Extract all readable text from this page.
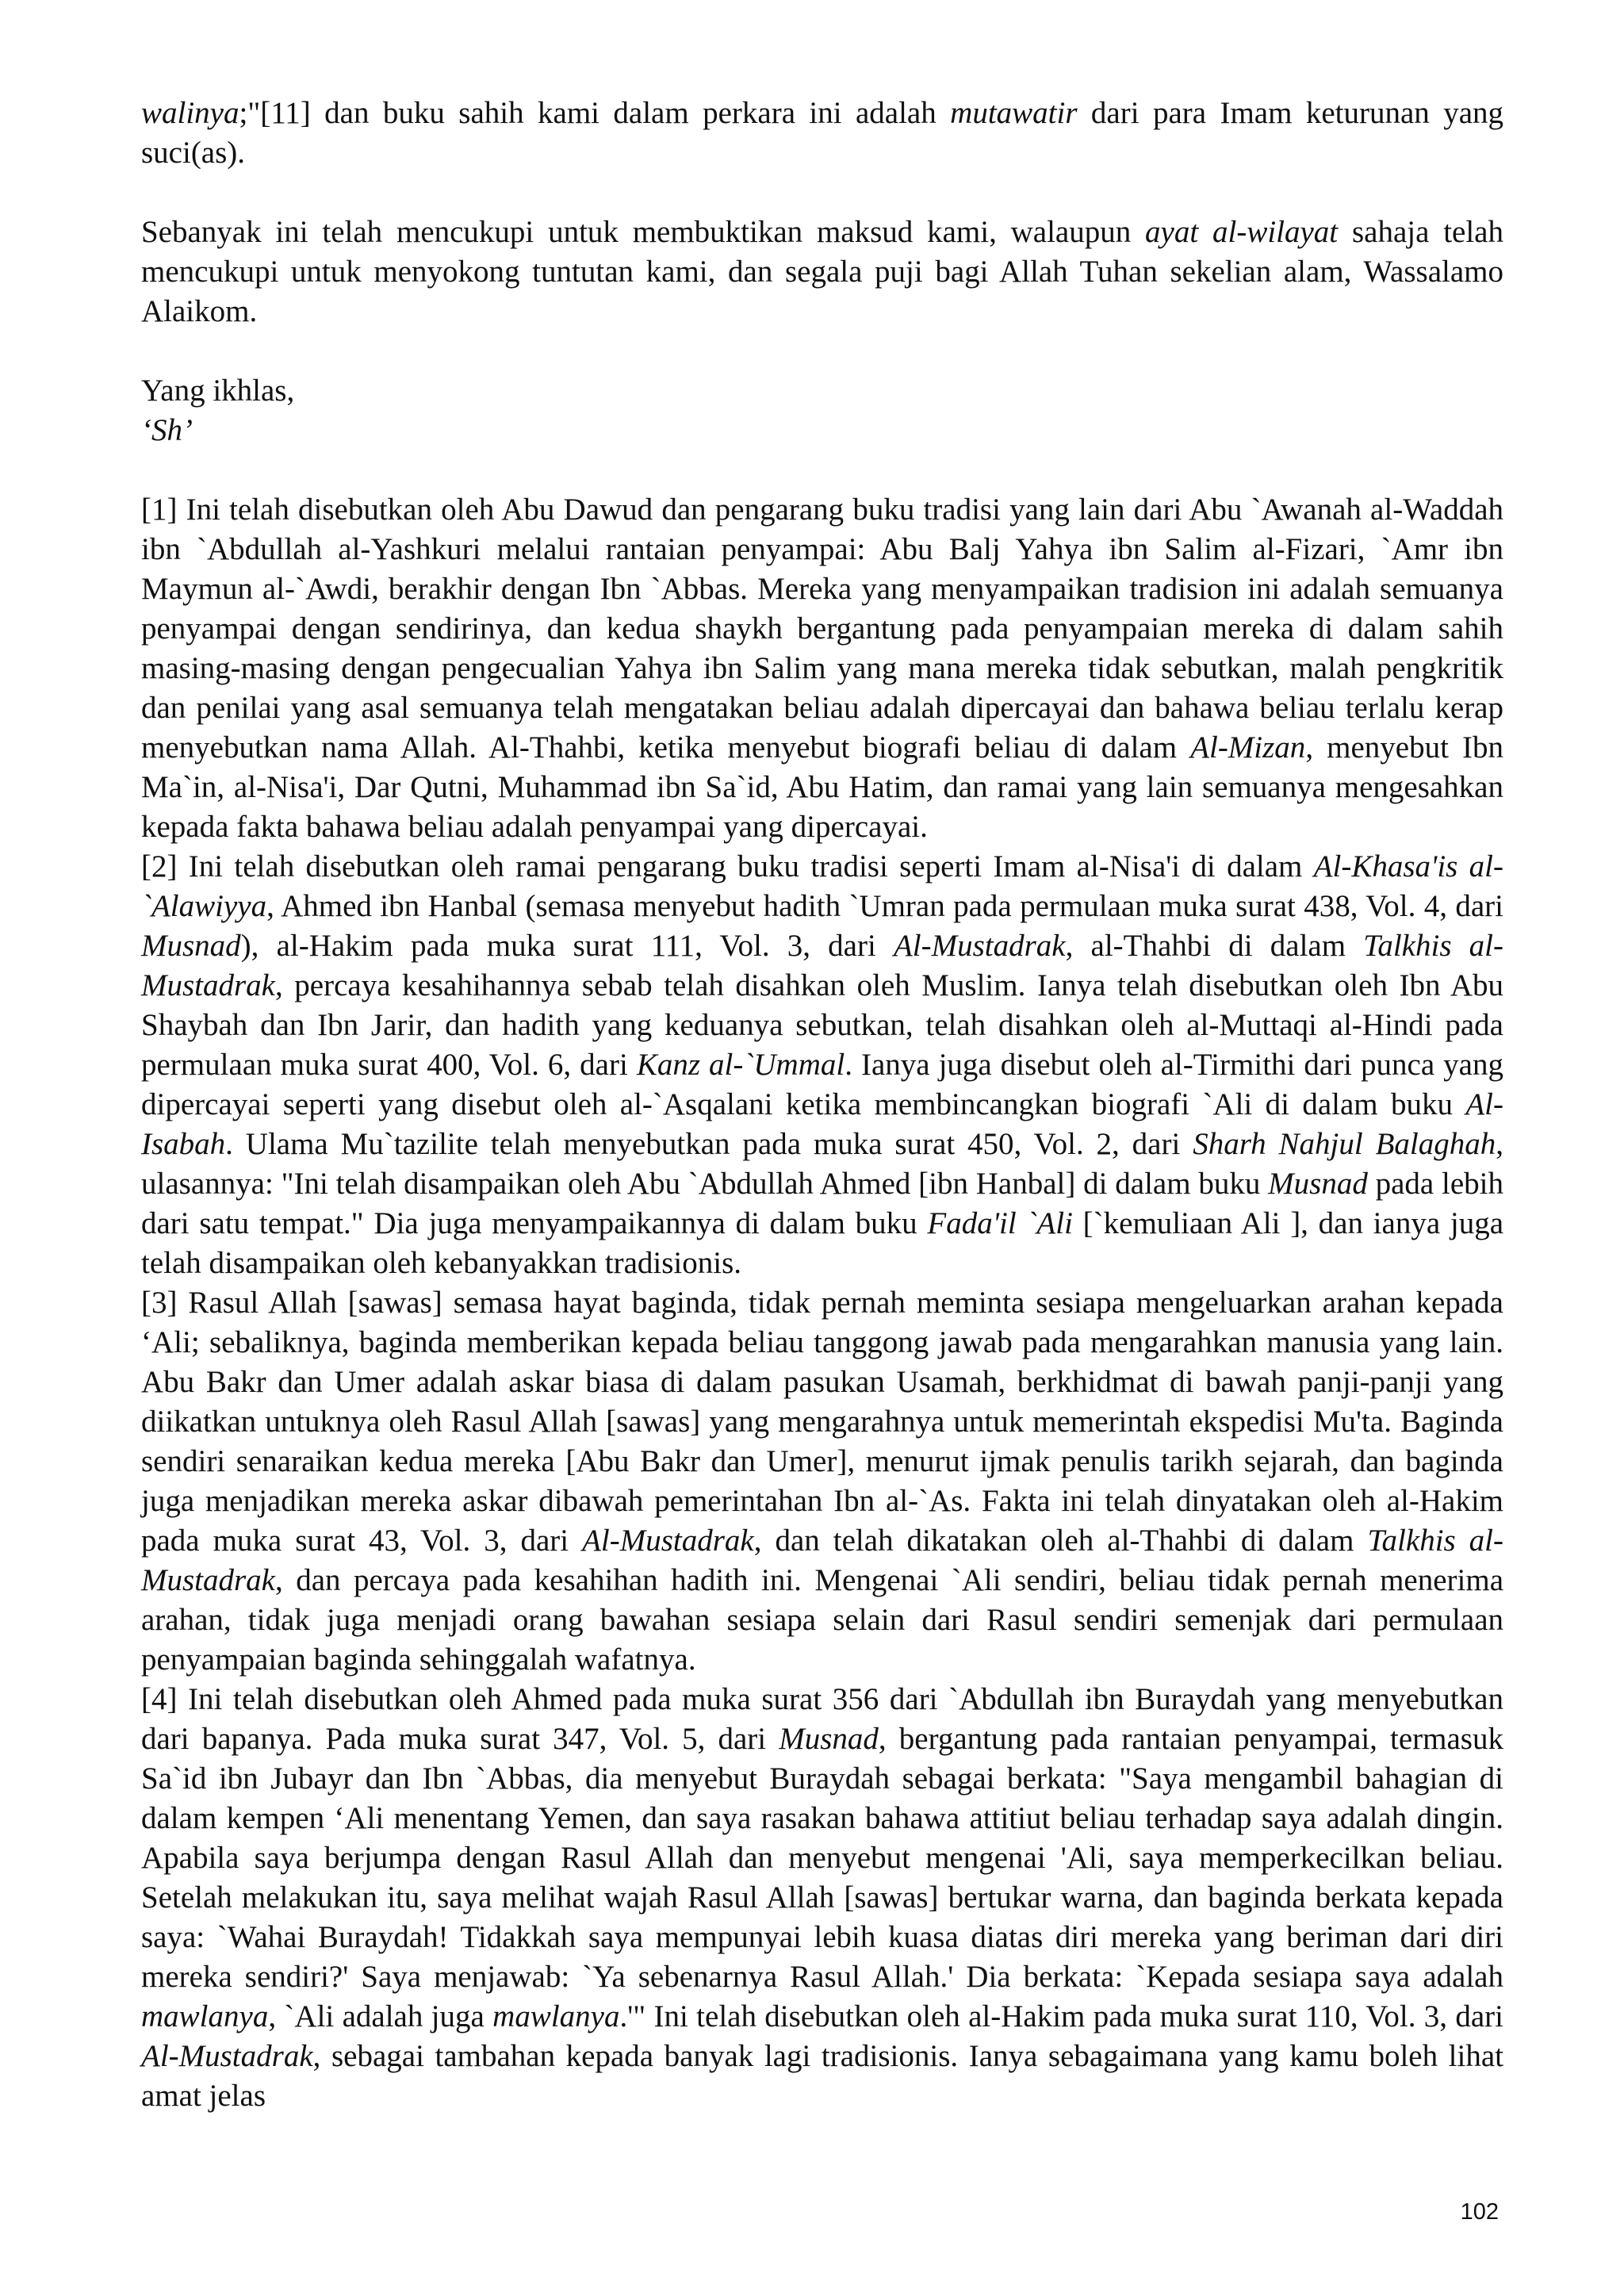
walinya;"[11] dan buku sahih kami dalam perkara ini adalah mutawatir dari para Imam keturunan yang suci(as).

Sebanyak ini telah mencukupi untuk membuktikan maksud kami, walaupun ayat al-wilayat sahaja telah mencukupi untuk menyokong tuntutan kami, dan segala puji bagi Allah Tuhan sekelian alam, Wassalamo Alaikom.

Yang ikhlas,

‘Sh’

[1] Ini telah disebutkan oleh Abu Dawud dan pengarang buku tradisi yang lain dari Abu `Awanah al-Waddah ibn `Abdullah al-Yashkuri melalui rantaian penyampai: Abu Balj Yahya ibn Salim al-Fizari, `Amr ibn Maymun al-`Awdi, berakhir dengan Ibn `Abbas. Mereka yang menyampaikan tradision ini adalah semuanya penyampai dengan sendirinya, dan kedua shaykh bergantung pada penyampaian mereka di dalam sahih masing-masing dengan pengecualian Yahya ibn Salim yang mana mereka tidak sebutkan, malah pengkritik dan penilai yang asal semuanya telah mengatakan beliau adalah dipercayai dan bahawa beliau terlalu kerap menyebutkan nama Allah. Al-Thahbi, ketika menyebut biografi beliau di dalam Al-Mizan, menyebut Ibn Ma`in, al-Nisa'i, Dar Qutni, Muhammad ibn Sa`id, Abu Hatim, dan ramai yang lain semuanya mengesahkan kepada fakta bahawa beliau adalah penyampai yang dipercayai.

[2] Ini telah disebutkan oleh ramai pengarang buku tradisi seperti Imam al-Nisa'i di dalam Al-Khasa'is al-`Alawiyya, Ahmed ibn Hanbal (semasa menyebut hadith `Umran pada permulaan muka surat 438, Vol. 4, dari Musnad), al-Hakim pada muka surat 111, Vol. 3, dari Al-Mustadrak, al-Thahbi di dalam Talkhis al-Mustadrak, percaya kesahihannya sebab telah disahkan oleh Muslim. Ianya telah disebutkan oleh Ibn Abu Shaybah dan Ibn Jarir, dan hadith yang keduanya sebutkan, telah disahkan oleh al-Muttaqi al-Hindi pada permulaan muka surat 400, Vol. 6, dari Kanz al-`Ummal. Ianya juga disebut oleh al-Tirmithi dari punca yang dipercayai seperti yang disebut oleh al-`Asqalani ketika membincangkan biografi `Ali di dalam buku Al-Isabah. Ulama Mu`tazilite telah menyebutkan pada muka surat 450, Vol. 2, dari Sharh Nahjul Balaghah, ulasannya: "Ini telah disampaikan oleh Abu `Abdullah Ahmed [ibn Hanbal] di dalam buku Musnad pada lebih dari satu tempat." Dia juga menyampaikannya di dalam buku Fada'il `Ali [`kemuliaan Ali ], dan ianya juga telah disampaikan oleh kebanyakkan tradisionis.

[3] Rasul Allah [sawas] semasa hayat baginda, tidak pernah meminta sesiapa mengeluarkan arahan kepada ‘Ali; sebaliknya, baginda memberikan kepada beliau tanggong jawab pada mengarahkan manusia yang lain. Abu Bakr dan Umer adalah askar biasa di dalam pasukan Usamah, berkhidmat di bawah panji-panji yang diikatkan untuknya oleh Rasul Allah [sawas] yang mengarahnya untuk memerintah ekspedisi Mu'ta. Baginda sendiri senaraikan kedua mereka [Abu Bakr dan Umer], menurut ijmak penulis tarikh sejarah, dan baginda juga menjadikan mereka askar dibawah pemerintahan Ibn al-`As. Fakta ini telah dinyatakan oleh al-Hakim pada muka surat 43, Vol. 3, dari Al-Mustadrak, dan telah dikatakan oleh al-Thahbi di dalam Talkhis al-Mustadrak, dan percaya pada kesahihan hadith ini. Mengenai `Ali sendiri, beliau tidak pernah menerima arahan, tidak juga menjadi orang bawahan sesiapa selain dari Rasul sendiri semenjak dari permulaan penyampaian baginda sehinggalah wafatnya.

[4] Ini telah disebutkan oleh Ahmed pada muka surat 356 dari `Abdullah ibn Buraydah yang menyebutkan dari bapanya. Pada muka surat 347, Vol. 5, dari Musnad, bergantung pada rantaian penyampai, termasuk Sa`id ibn Jubayr dan Ibn `Abbas, dia menyebut Buraydah sebagai berkata: "Saya mengambil bahagian di dalam kempen ‘Ali menentang Yemen, dan saya rasakan bahawa attitiut beliau terhadap saya adalah dingin. Apabila saya berjumpa dengan Rasul Allah dan menyebut mengenai 'Ali, saya memperkecilkan beliau. Setelah melakukan itu, saya melihat wajah Rasul Allah [sawas] bertukar warna, dan baginda berkata kepada saya: `Wahai Buraydah! Tidakkah saya mempunyai lebih kuasa diatas diri mereka yang beriman dari diri mereka sendiri?' Saya menjawab: `Ya sebenarnya Rasul Allah.' Dia berkata: `Kepada sesiapa saya adalah mawlanya, `Ali adalah juga mawlanya.'" Ini telah disebutkan oleh al-Hakim pada muka surat 110, Vol. 3, dari Al-Mustadrak, sebagai tambahan kepada banyak lagi tradisionis. Ianya sebagaimana yang kamu boleh lihat amat jelas

102
